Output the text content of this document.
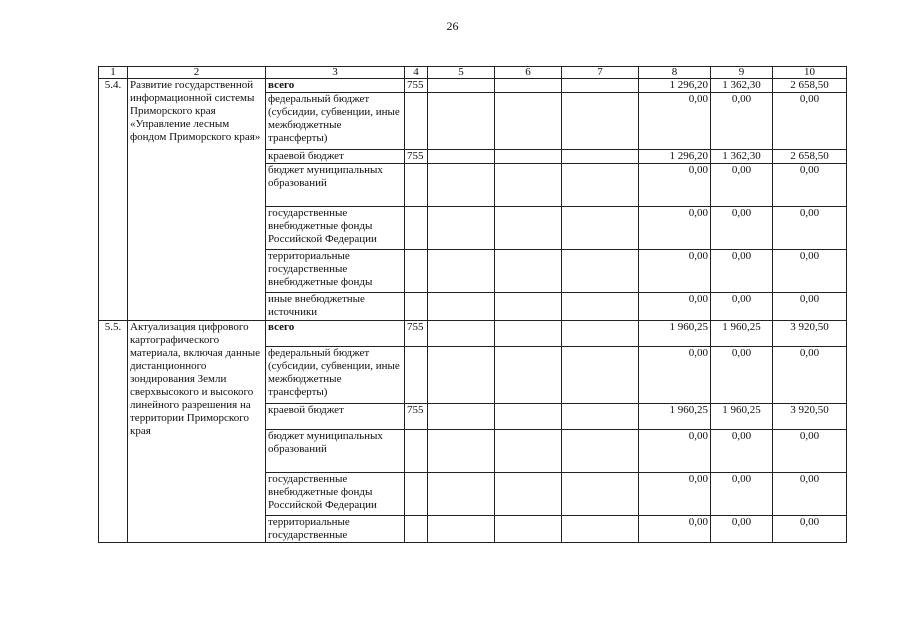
26
1	2	3	4	5	6	7	8	9	10
5.4.	Развитие государственной информационной системы Приморского края «Управление лесным фондом Приморского края»	всего	755				1 296,20	1 362,30	2 658,50
		федеральный бюджет (субсидии, субвенции, иные межбюджетные трансферты)					0,00	0,00	0,00
		краевой бюджет	755				1 296,20	1 362,30	2 658,50
		бюджет муниципальных образований					0,00	0,00	0,00
		государственные внебюджетные фонды Российской Федерации					0,00	0,00	0,00
		территориальные государственные внебюджетные фонды					0,00	0,00	0,00
		иные внебюджетные источники					0,00	0,00	0,00
5.5.	Актуализация цифрового картографического материала, включая данные дистанционного зондирования Земли сверхвысокого и высокого линейного разрешения на территории Приморского края	всего	755				1 960,25	1 960,25	3 920,50
		федеральный бюджет (субсидии, субвенции, иные межбюджетные трансферты)					0,00	0,00	0,00
		краевой бюджет	755				1 960,25	1 960,25	3 920,50
		бюджет муниципальных образований					0,00	0,00	0,00
		государственные внебюджетные фонды Российской Федерации					0,00	0,00	0,00
		территориальные государственные					0,00	0,00	0,00
